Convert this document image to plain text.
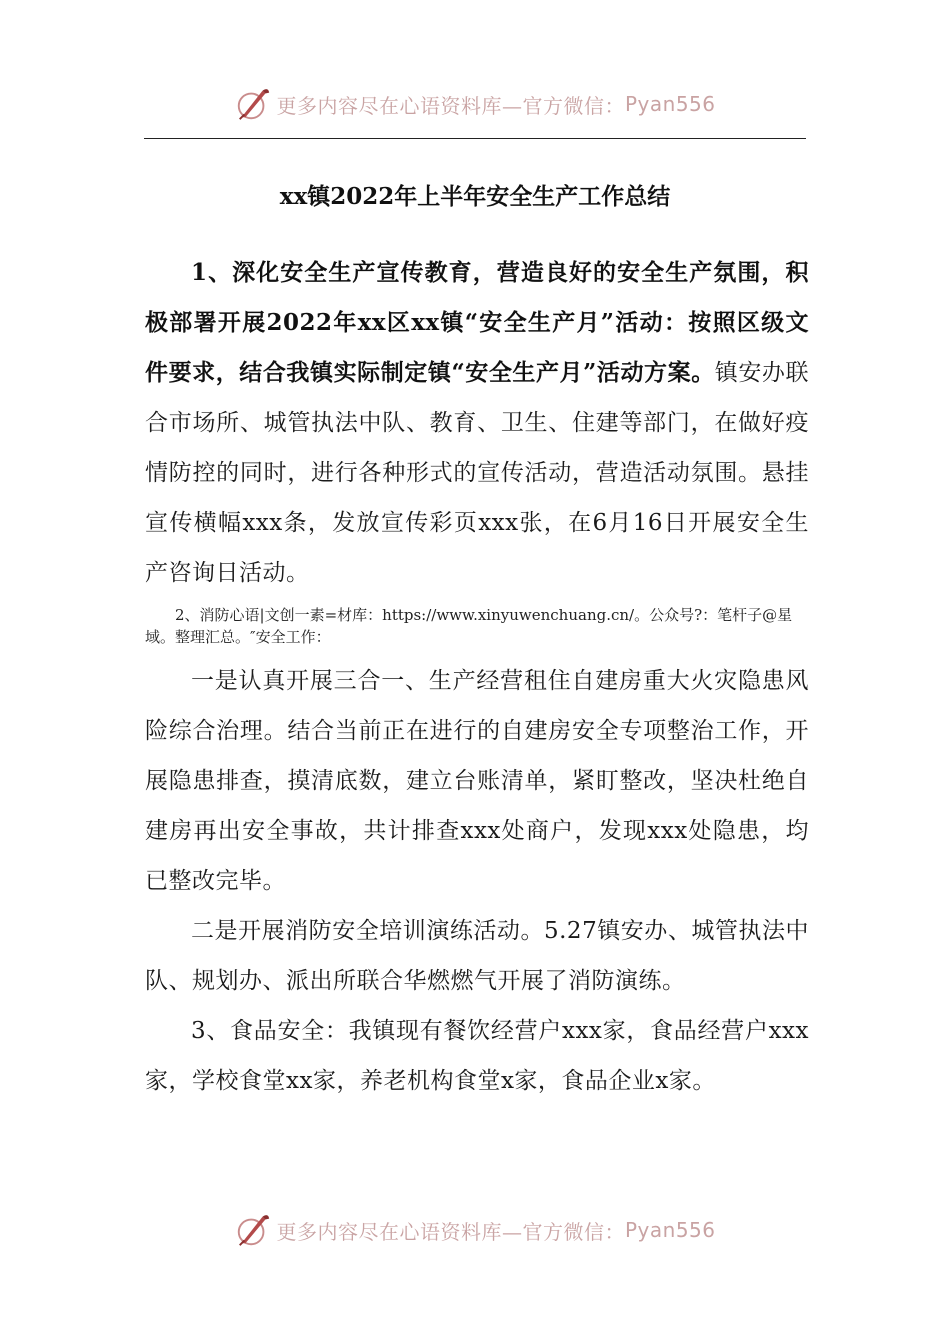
更多内容尽在心语资料库—官方微信： Pyan556
xx镇2022年上半年安全生产工作总结

1、深化安全生产宣传教育，营造良好的安全生产氛围，积极部署开展2022年xx区xx镇“安全生产月”活动：按照区级文件要求，结合我镇实际制定镇“安全生产月”活动方案。镇安办联合市场所、城管执法中队、教育、卫生、住建等部门，在做好疫情防控的同时，进行各种形式的宣传活动，营造活动氛围。悬挂宣传横幅xxx条，发放宣传彩页xxx张，在6月16日开展安全生产咨询日活动。

2、消防心语|文创一素=材库：https://www.xinyuwenchuang.cn/。公众号?：笔杆子@星域。整理汇总。″安全工作：

一是认真开展三合一、生产经营租住自建房重大火灾隐患风险综合治理。结合当前正在进行的自建房安全专项整治工作，开展隐患排查，摸清底数，建立台账清单，紧盯整改，坚决杜绝自建房再出安全事故，共计排查xxx处商户，发现xxx处隐患，均已整改完毕。

二是开展消防安全培训演练活动。5.27镇安办、城管执法中队、规划办、派出所联合华燃燃气开展了消防演练。

3、食品安全：我镇现有餐饮经营户xxx家，食品经营户xxx家，学校食堂xx家，养老机构食堂x家，食品企业x家。

更多内容尽在心语资料库—官方微信： Pyan556
